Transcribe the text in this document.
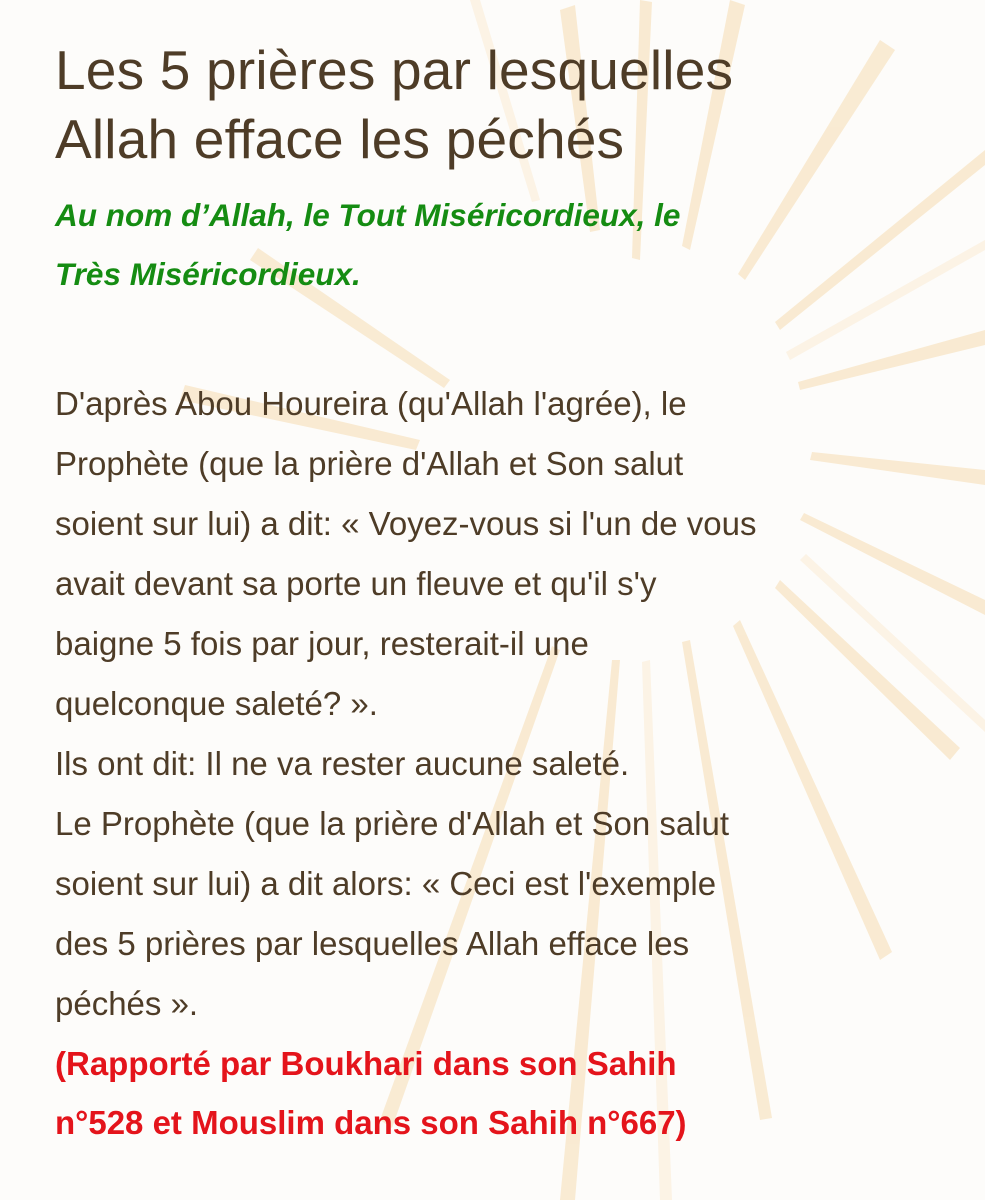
Les 5 prières par lesquelles
Allah efface les péchés

Au nom d’Allah, le Tout Miséricordieux, le
Très Miséricordieux.

D'après Abou Houreira (qu'Allah l'agrée), le
Prophète (que la prière d'Allah et Son salut
soient sur lui) a dit: « Voyez-vous si l'un de vous
avait devant sa porte un fleuve et qu'il s'y
baigne 5 fois par jour, resterait-il une
quelconque saleté? ».
Ils ont dit: Il ne va rester aucune saleté.
Le Prophète (que la prière d'Allah et Son salut
soient sur lui) a dit alors: « Ceci est l'exemple
des 5 prières par lesquelles Allah efface les
péchés ».
(Rapporté par Boukhari dans son Sahih
n°528 et Mouslim dans son Sahih n°667)
